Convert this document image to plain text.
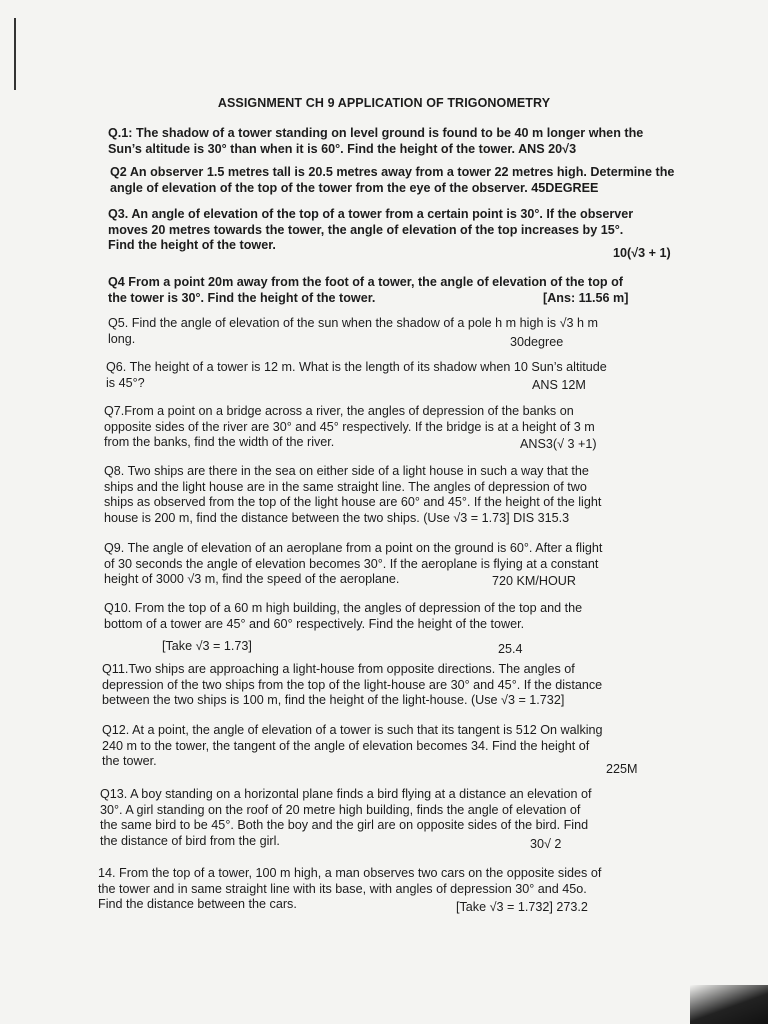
ASSIGNMENT CH 9 APPLICATION OF TRIGONOMETRY
Q.1: The shadow of a tower standing on level ground is found to be 40 m longer when the
Sun’s altitude is 30° than when it is 60°. Find the height of the tower. ANS 20√3
Q2 An observer 1.5 metres tall is 20.5 metres away from a tower 22 metres high. Determine the
angle of elevation of the top of the tower from the eye of the observer. 45DEGREE
Q3. An angle of elevation of the top of a tower from a certain point is 30°. If the observer
moves 20 metres towards the tower, the angle of elevation of the top increases by 15°.
Find the height of the tower.
10(√3 + 1)
Q4 From a point 20m away from the foot of a tower, the angle of elevation of the top of
the tower is 30°. Find the height of the tower.	[Ans: 11.56 m]
Q5. Find the angle of elevation of the sun when the shadow of a pole h m high is √3 h m
long.	30degree
Q6. The height of a tower is 12 m. What is the length of its shadow when 10 Sun’s altitude
is 45°?	ANS 12M
Q7.From a point on a bridge across a river, the angles of depression of the banks on
opposite sides of the river are 30° and 45° respectively. If the bridge is at a height of 3 m
from the banks, find the width of the river.	ANS3(√ 3 +1)
Q8. Two ships are there in the sea on either side of a light house in such a way that the
ships and the light house are in the same straight line. The angles of depression of two
ships as observed from the top of the light house are 60° and 45°. If the height of the light
house is 200 m, find the distance between the two ships. (Use √3 = 1.73] DIS 315.3
Q9. The angle of elevation of an aeroplane from a point on the ground is 60°. After a flight
of 30 seconds the angle of elevation becomes 30°. If the aeroplane is flying at a constant
height of 3000 √3 m, find the speed of the aeroplane.	720 KM/HOUR
Q10. From the top of a 60 m high building, the angles of depression of the top and the
bottom of a tower are 45° and 60° respectively. Find the height of the tower.
[Take √3 = 1.73]	25.4
Q11.Two ships are approaching a light-house from opposite directions. The angles of
depression of the two ships from the top of the light-house are 30° and 45°. If the distance
between the two ships is 100 m, find the height of the light-house. (Use √3 = 1.732]
Q12. At a point, the angle of elevation of a tower is such that its tangent is 512 On walking
240 m to the tower, the tangent of the angle of elevation becomes 34. Find the height of
the tower.
225M
Q13. A boy standing on a horizontal plane finds a bird flying at a distance an elevation of
30°. A girl standing on the roof of 20 metre high building, finds the angle of elevation of
the same bird to be 45°. Both the boy and the girl are on opposite sides of the bird. Find
the distance of bird from the girl.	30√ 2
14. From the top of a tower, 100 m high, a man observes two cars on the opposite sides of
the tower and in same straight line with its base, with angles of depression 30° and 45o.
Find the distance between the cars.	[Take √3 = 1.732] 273.2
